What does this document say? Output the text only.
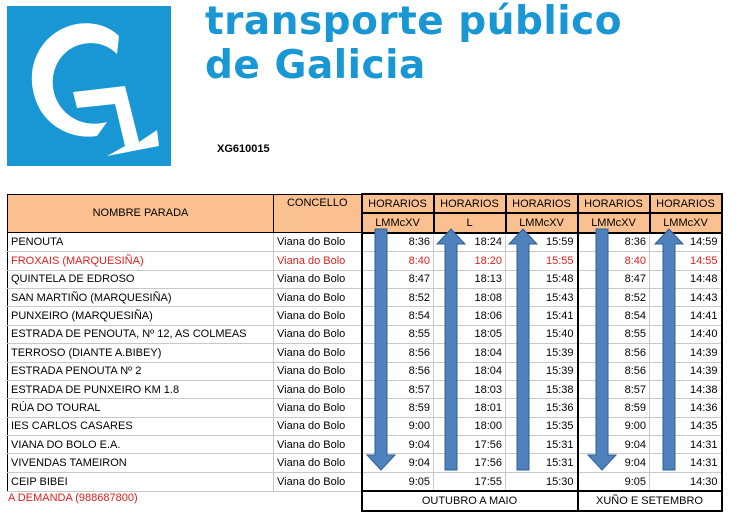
transporte público
de Galicia
XG610015
NOMBRE PARADA	CONCELLO	HORARIOS	HORARIOS	HORARIOS	HORARIOS	HORARIOS
		LMMcXV	L	LMMcXV	LMMcXV	LMMcXV
PENOUTA	Viana do Bolo	8:36	18:24	15:59	8:36	14:59
FROXAIS (MARQUESIÑA)	Viana do Bolo	8:40	18:20	15:55	8:40	14:55
QUINTELA DE EDROSO	Viana do Bolo	8:47	18:13	15:48	8:47	14:48
SAN MARTIÑO (MARQUESIÑA)	Viana do Bolo	8:52	18:08	15:43	8:52	14:43
PUNXEIRO (MARQUESIÑA)	Viana do Bolo	8:54	18:06	15:41	8:54	14:41
ESTRADA DE PENOUTA, Nº 12, AS COLMEAS	Viana do Bolo	8:55	18:05	15:40	8:55	14:40
TERROSO (DIANTE A.BIBEY)	Viana do Bolo	8:56	18:04	15:39	8:56	14:39
ESTRADA PENOUTA Nº 2	Viana do Bolo	8:56	18:04	15:39	8:56	14:39
ESTRADA DE PUNXEIRO KM 1.8	Viana do Bolo	8:57	18:03	15:38	8:57	14:38
RÚA DO TOURAL	Viana do Bolo	8:59	18:01	15:36	8:59	14:36
IES CARLOS CASARES	Viana do Bolo	9:00	18:00	15:35	9:00	14:35
VIANA DO BOLO E.A.	Viana do Bolo	9:04	17:56	15:31	9:04	14:31
VIVENDAS TAMEIRON	Viana do Bolo	9:04	17:56	15:31	9:04	14:31
CEIP BIBEI	Viana do Bolo	9:05	17:55	15:30	9:05	14:30
		OUTUBRO A MAIO			XUÑO E SETEMBRO	
A DEMANDA (988687800)
